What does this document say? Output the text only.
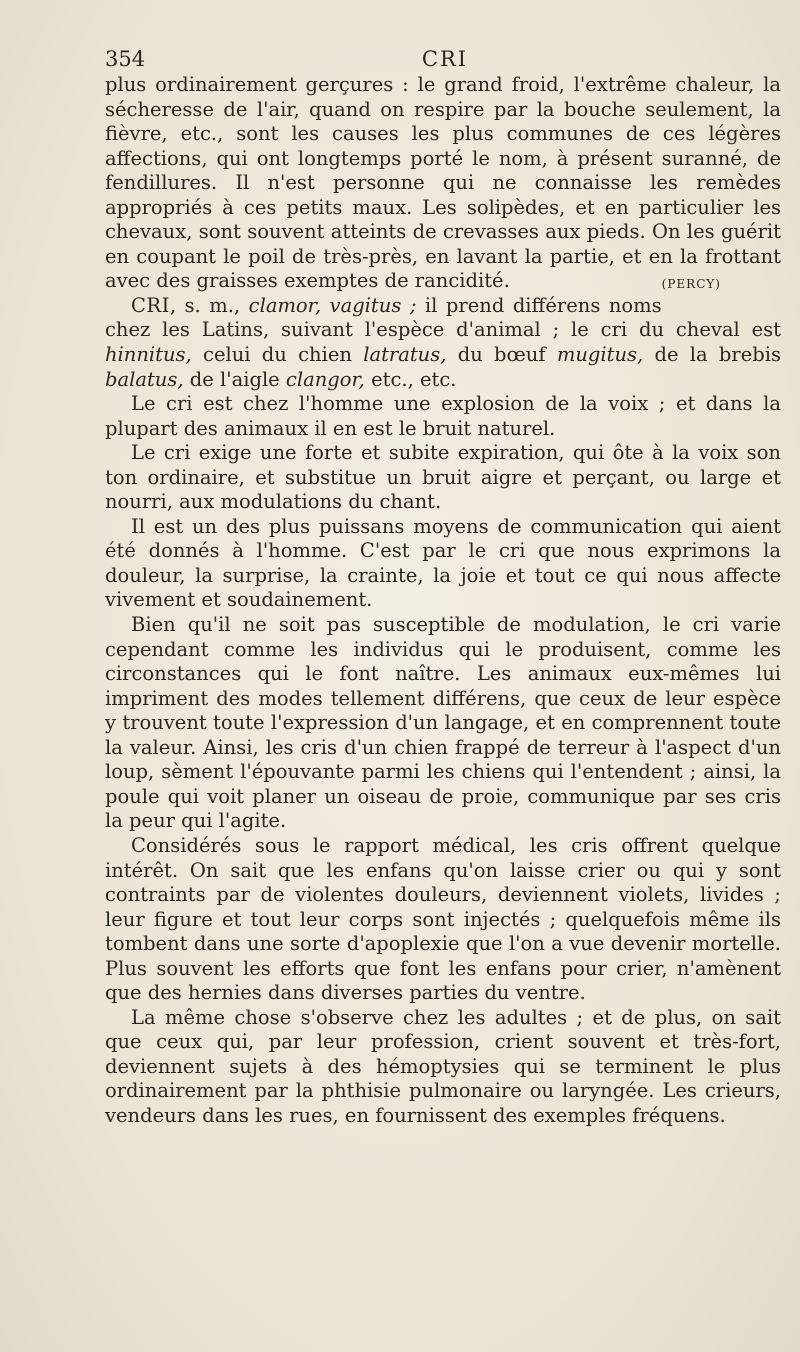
354	CRI

plus ordinairement gerçures : le grand froid, l'extrême chaleur, la sécheresse de l'air, quand on respire par la bouche seulement, la fièvre, etc., sont les causes les plus communes de ces légères affections, qui ont longtemps porté le nom, à présent suranné, de fendillures. Il n'est personne qui ne connaisse les remèdes appropriés à ces petits maux. Les solipèdes, et en particulier les chevaux, sont souvent atteints de crevasses aux pieds. On les guérit en coupant le poil de très-près, en lavant la partie, et en la frottant avec des graisses exemptes de rancidité.	(PERCY)

CRI, s. m., clamor, vagitus ; il prend différens noms chez les Latins, suivant l'espèce d'animal ; le cri du cheval est hinnitus, celui du chien latratus, du bœuf mugitus, de la brebis balatus, de l'aigle clangor, etc., etc.

Le cri est chez l'homme une explosion de la voix ; et dans la plupart des animaux il en est le bruit naturel.

Le cri exige une forte et subite expiration, qui ôte à la voix son ton ordinaire, et substitue un bruit aigre et perçant, ou large et nourri, aux modulations du chant.

Il est un des plus puissans moyens de communication qui aient été donnés à l'homme. C'est par le cri que nous exprimons la douleur, la surprise, la crainte, la joie et tout ce qui nous affecte vivement et soudainement.

Bien qu'il ne soit pas susceptible de modulation, le cri varie cependant comme les individus qui le produisent, comme les circonstances qui le font naître. Les animaux eux-mêmes lui impriment des modes tellement différens, que ceux de leur espèce y trouvent toute l'expression d'un langage, et en comprennent toute la valeur. Ainsi, les cris d'un chien frappé de terreur à l'aspect d'un loup, sèment l'épouvante parmi les chiens qui l'entendent ; ainsi, la poule qui voit planer un oiseau de proie, communique par ses cris la peur qui l'agite.

Considérés sous le rapport médical, les cris offrent quelque intérêt. On sait que les enfans qu'on laisse crier ou qui y sont contraints par de violentes douleurs, deviennent violets, livides ; leur figure et tout leur corps sont injectés ; quelquefois même ils tombent dans une sorte d'apoplexie que l'on a vue devenir mortelle. Plus souvent les efforts que font les enfans pour crier, n'amènent que des hernies dans diverses parties du ventre.

La même chose s'observe chez les adultes ; et de plus, on sait que ceux qui, par leur profession, crient souvent et très-fort, deviennent sujets à des hémoptysies qui se terminent le plus ordinairement par la phthisie pulmonaire ou laryngée. Les crieurs, vendeurs dans les rues, en fournissent des exemples fréquens.
